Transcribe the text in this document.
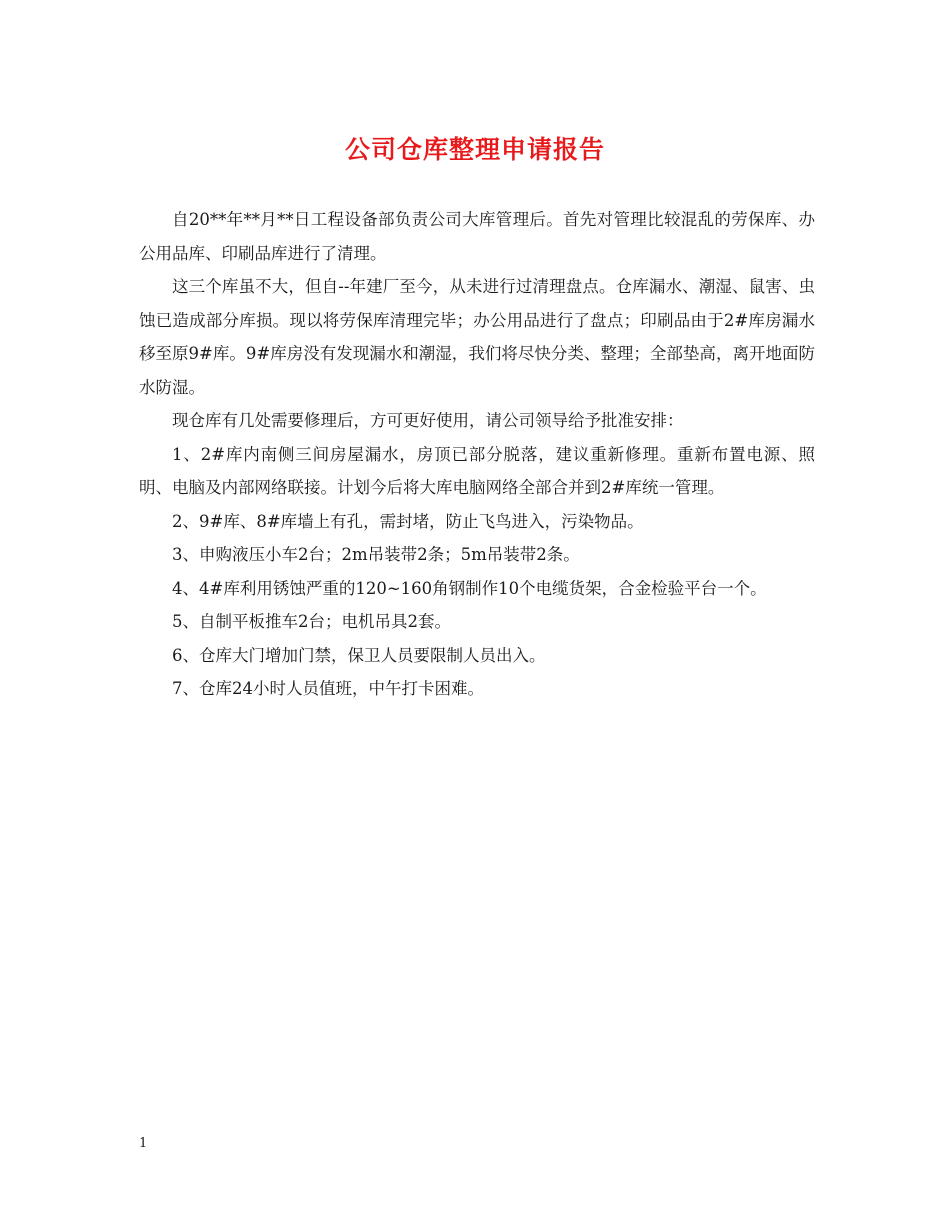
公司仓库整理申请报告

自20**年**月**日工程设备部负责公司大库管理后。首先对管理比较混乱的劳保库、办公用品库、印刷品库进行了清理。

这三个库虽不大，但自--年建厂至今，从未进行过清理盘点。仓库漏水、潮湿、鼠害、虫蚀已造成部分库损。现以将劳保库清理完毕；办公用品进行了盘点；印刷品由于2#库房漏水移至原9#库。9#库房没有发现漏水和潮湿，我们将尽快分类、整理；全部垫高，离开地面防水防湿。

现仓库有几处需要修理后，方可更好使用，请公司领导给予批准安排：

1、2#库内南侧三间房屋漏水，房顶已部分脱落，建议重新修理。重新布置电源、照明、电脑及内部网络联接。计划今后将大库电脑网络全部合并到2#库统一管理。

2、9#库、8#库墙上有孔，需封堵，防止飞鸟进入，污染物品。

3、申购液压小车2台；2m吊装带2条；5m吊装带2条。

4、4#库利用锈蚀严重的120~160角钢制作10个电缆货架，合金检验平台一个。

5、自制平板推车2台；电机吊具2套。

6、仓库大门增加门禁，保卫人员要限制人员出入。

7、仓库24小时人员值班，中午打卡困难。

1
